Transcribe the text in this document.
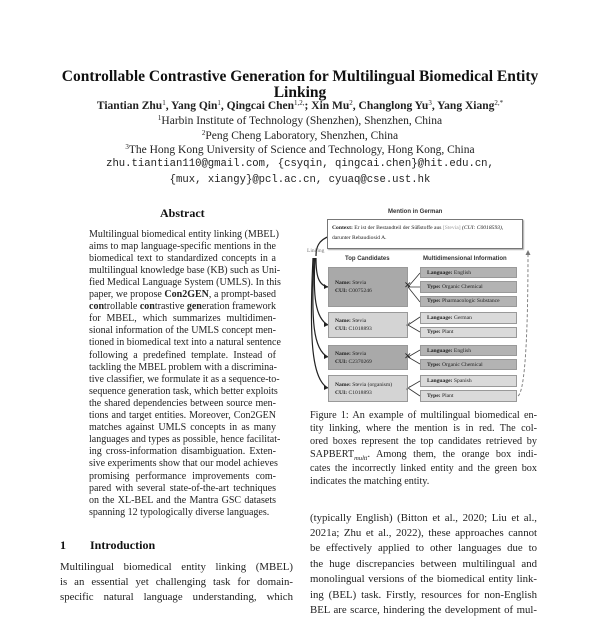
Controllable Contrastive Generation for Multilingual Biomedical Entity
Linking
Tiantian Zhu$^1$, Yang Qin$^1$, Qingcai Chen$^{1,2,}$; Xin Mu$^2$, Changlong Yu$^3$, Yang Xiang$^{2,*}$
$^1$Harbin Institute of Technology (Shenzhen), Shenzhen, China
$^2$Peng Cheng Laboratory, Shenzhen, China
$^3$The Hong Kong University of Science and Technology, Hong Kong, China
zhu.tiantian110@gmail.com, {csyqin, qingcai.chen}@hit.edu.cn,
{mux, xiangy}@pcl.ac.cn, cyuaq@cse.ust.hk
Abstract
Multilingual biomedical entity linking (MBEL)
aims to map language-specific mentions in the
biomedical text to standardized concepts in a
multilingual knowledge base (KB) such as Uni-
fied Medical Language System (UMLS). In this
paper, we propose Con2GEN, a prompt-based
controllable contrastive generation framework
for MBEL, which summarizes multidimen-
sional information of the UMLS concept men-
tioned in biomedical text into a natural sentence
following a predefined template. Instead of
tackling the MBEL problem with a discrimina-
tive classifier, we formulate it as a sequence-to-
sequence generation task, which better exploits
the shared dependencies between source men-
tions and target entities. Moreover, Con2GEN
matches against UMLS concepts in as many
languages and types as possible, hence facilitat-
ing cross-information disambiguation. Exten-
sive experiments show that our model achieves
promising performance improvements com-
pared with several state-of-the-art techniques
on the XL-BEL and the Mantra GSC datasets
spanning 12 typologically diverse languages.
1 Introduction
Multilingual biomedical entity linking (MBEL)
is an essential yet challenging task for domain-
specific natural language understanding, which
(typically English) (Bitton et al., 2020; Liu et al.,
2021a; Zhu et al., 2022), these approaches cannot
be effectively applied to other languages due to
the huge discrepancies between multilingual and
monolingual versions of the biomedical entity link-
ing (BEL) task. Firstly, resources for non-English
BEL are scarce, hindering the development of mul-
Figure 1: An example of multilingual biomedical en-
tity linking, where the mention is in red. The col-
ored boxes represent the top candidates retrieved by
$SAPBERT_{multi}$. Among them, the orange box indi-
cates the incorrectly linked entity and the green box
indicates the matching entity.
Mention in German
Context: Er ist der Bestandteil der Süßstoffe aus [Stevia] (CUI: C0018593), darunter Rebaudiosid A.
Linking
Top Candidates	Multidimensional Information
Name: Stevia
CUI: C0075246
Language:
English
Type:
Organic Chemical
Type:
Pharmacologic Substance
✕
Name: Stevia
CUI: C1018893
Language:
German
Type:
Plant
✓
Name: Stevia
CUI: C2370269
Language:
English
Type:
Organic Chemical
✕
Name: Stevia (organism)
CUI: C1018893
Language:
Spanish
Type:
Plant
✓
